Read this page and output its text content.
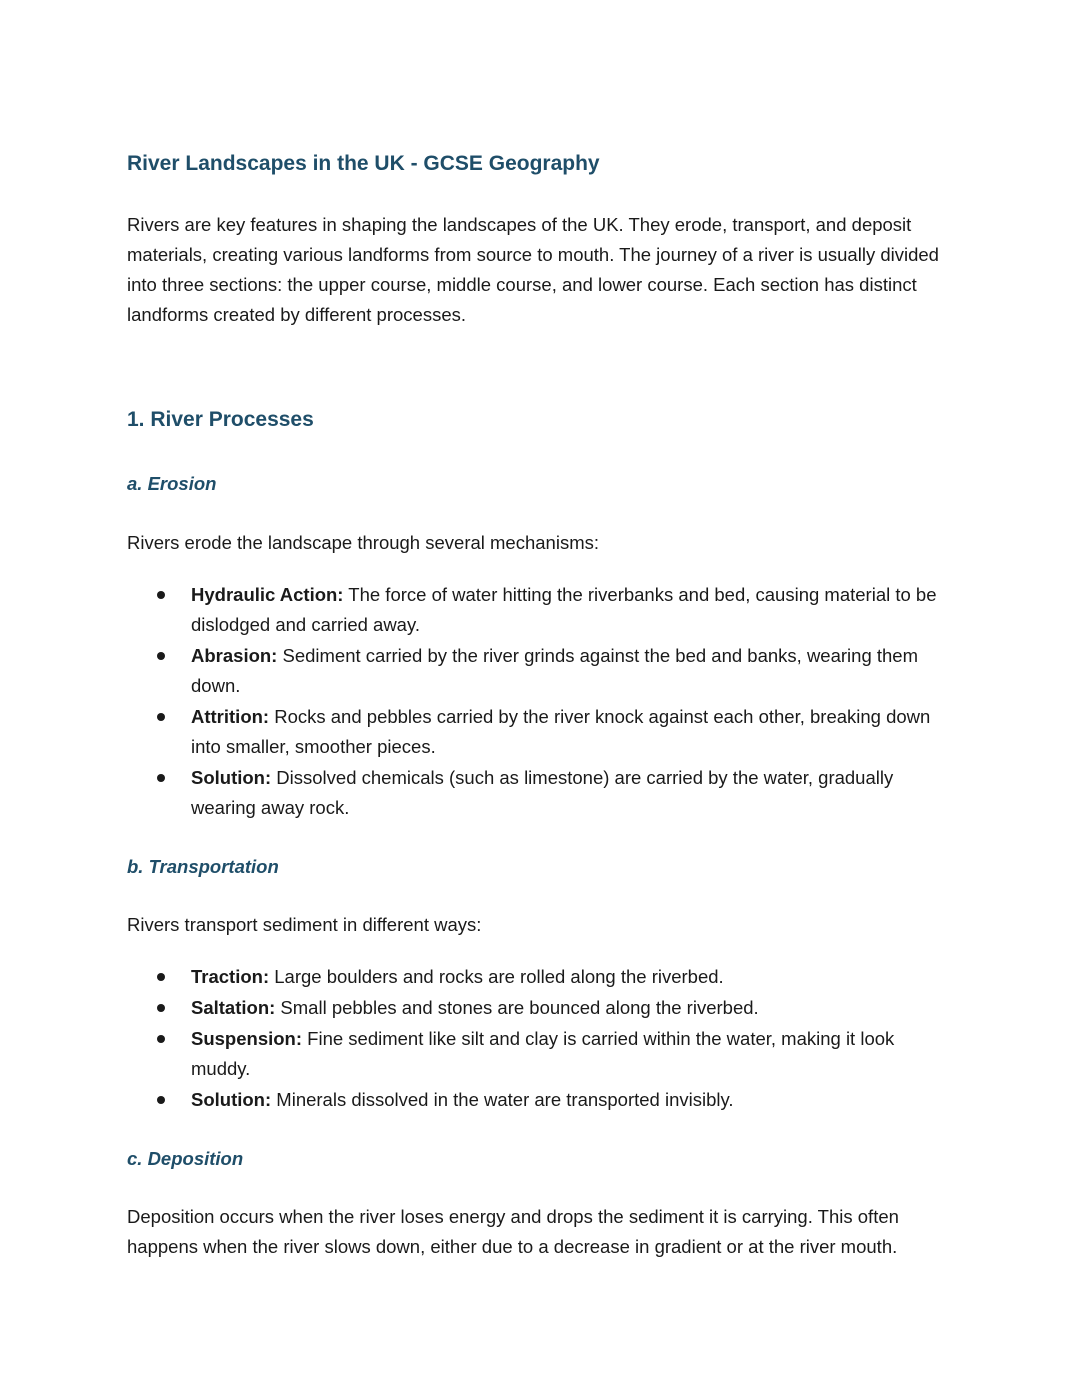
River Landscapes in the UK - GCSE Geography

Rivers are key features in shaping the landscapes of the UK. They erode, transport, and deposit materials, creating various landforms from source to mouth. The journey of a river is usually divided into three sections: the upper course, middle course, and lower course. Each section has distinct landforms created by different processes.

1. River Processes
a. Erosion

Rivers erode the landscape through several mechanisms:

Hydraulic Action: The force of water hitting the riverbanks and bed, causing material to be dislodged and carried away.
Abrasion: Sediment carried by the river grinds against the bed and banks, wearing them down.
Attrition: Rocks and pebbles carried by the river knock against each other, breaking down into smaller, smoother pieces.
Solution: Dissolved chemicals (such as limestone) are carried by the water, gradually wearing away rock.
b. Transportation

Rivers transport sediment in different ways:

Traction: Large boulders and rocks are rolled along the riverbed.
Saltation: Small pebbles and stones are bounced along the riverbed.
Suspension: Fine sediment like silt and clay is carried within the water, making it look muddy.
Solution: Minerals dissolved in the water are transported invisibly.
c. Deposition

Deposition occurs when the river loses energy and drops the sediment it is carrying. This often happens when the river slows down, either due to a decrease in gradient or at the river mouth.
